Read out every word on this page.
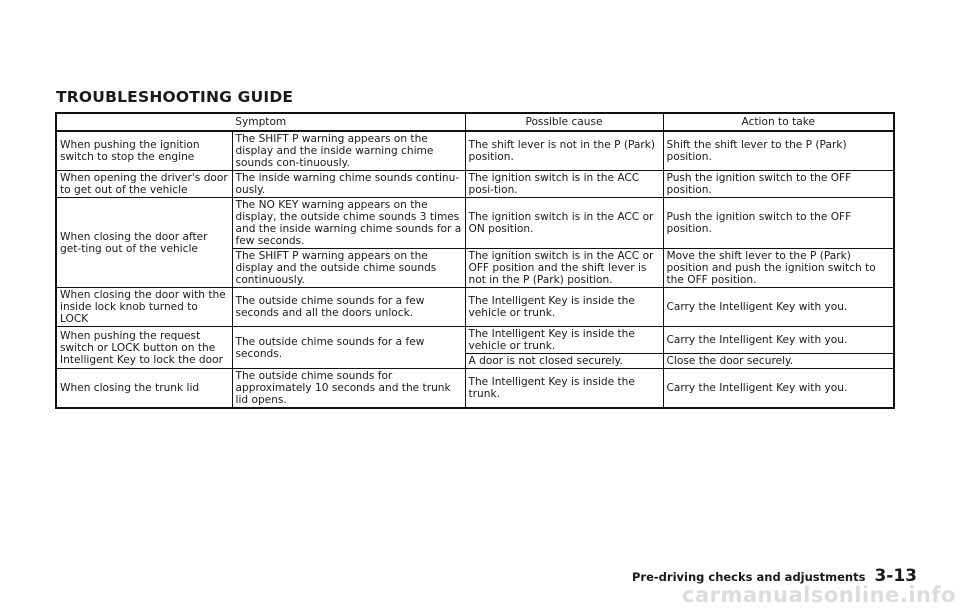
TROUBLESHOOTING GUIDE
Symptom		Possible cause	Action to take
When pushing the ignition switch to stop the engine	The SHIFT P warning appears on the display and the inside warning chime sounds con-tinuously.	The shift lever is not in the P (Park) position.	Shift the shift lever to the P (Park) position.
When opening the driver's door to get out of the vehicle	The inside warning chime sounds continu-ously.	The ignition switch is in the ACC posi-tion.	Push the ignition switch to the OFF position.
When closing the door after get-ting out of the vehicle	The NO KEY warning appears on the display, the outside chime sounds 3 times and the inside warning chime sounds for a few seconds.	The ignition switch is in the ACC or ON position.	Push the ignition switch to the OFF position.
	The SHIFT P warning appears on the display and the outside chime sounds continuously.	The ignition switch is in the ACC or OFF position and the shift lever is not in the P (Park) position.	Move the shift lever to the P (Park) position and push the ignition switch to the OFF position.
When closing the door with the inside lock knob turned to LOCK	The outside chime sounds for a few seconds and all the doors unlock.	The Intelligent Key is inside the vehicle or trunk.	Carry the Intelligent Key with you.
When pushing the request switch or LOCK button on the Intelligent Key to lock the door	The outside chime sounds for a few seconds.	The Intelligent Key is inside the vehicle or trunk.	Carry the Intelligent Key with you.
		A door is not closed securely.	Close the door securely.
When closing the trunk lid	The outside chime sounds for approximately 10 seconds and the trunk lid opens.	The Intelligent Key is inside the trunk.	Carry the Intelligent Key with you.
Pre-driving checks and adjustments 3-13
carmanualsonline.info
